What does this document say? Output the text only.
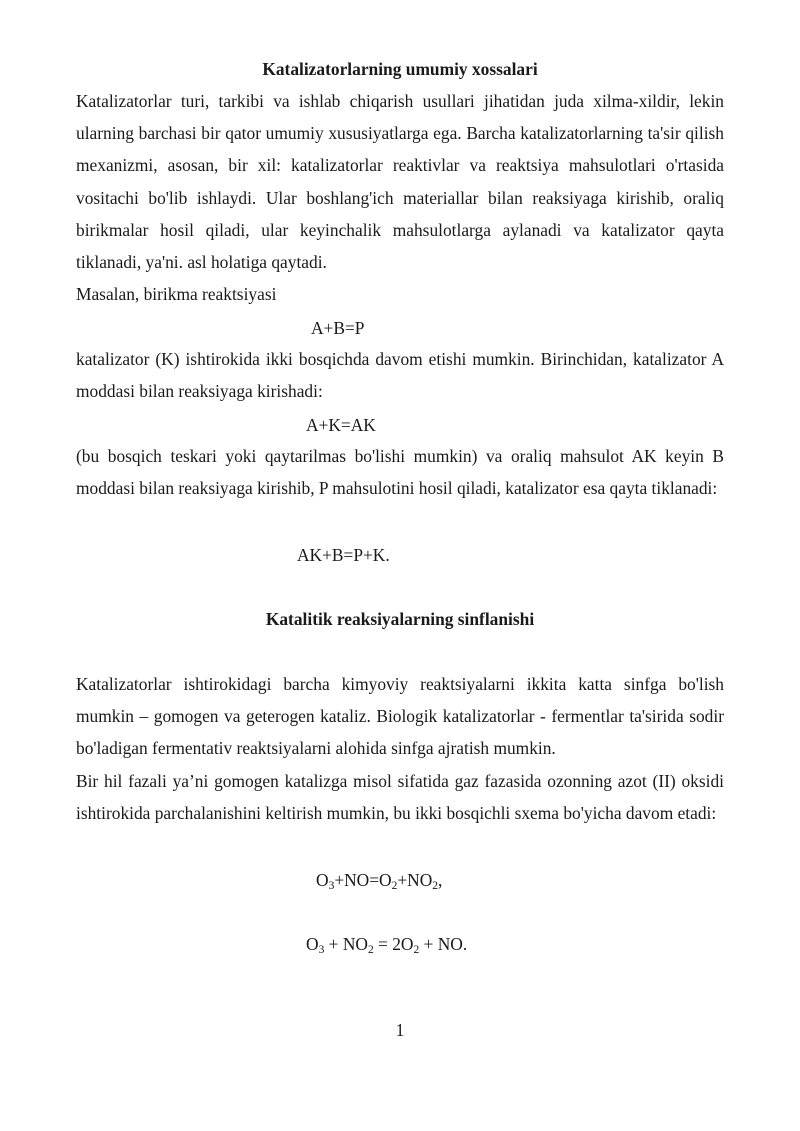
Katalizatorlarning umumiy xossalari

Katalizatorlar turi, tarkibi va ishlab chiqarish usullari jihatidan juda xilma-xildir, lekin ularning barchasi bir qator umumiy xususiyatlarga ega. Barcha katalizatorlarning ta'sir qilish mexanizmi, asosan, bir xil: katalizatorlar reaktivlar va reaktsiya mahsulotlari o'rtasida vositachi bo'lib ishlaydi. Ular boshlang'ich materiallar bilan reaksiyaga kirishib, oraliq birikmalar hosil qiladi, ular keyinchalik mahsulotlarga aylanadi va katalizator qayta tiklanadi, ya'ni. asl holatiga qaytadi.

Masalan, birikma reaktsiyasi

A+B=P

katalizator (K) ishtirokida ikki bosqichda davom etishi mumkin. Birinchidan, katalizator A moddasi bilan reaksiyaga kirishadi:

A+K=AK

(bu bosqich teskari yoki qaytarilmas bo'lishi mumkin) va oraliq mahsulot AK keyin B moddasi bilan reaksiyaga kirishib, P mahsulotini hosil qiladi, katalizator esa qayta tiklanadi:

AK+B=P+K.
Katalitik reaksiyalarning sinflanishi

Katalizatorlar ishtirokidagi barcha kimyoviy reaktsiyalarni ikkita katta sinfga bo'lish mumkin – gomogen va geterogen kataliz. Biologik katalizatorlar - fermentlar ta'sirida sodir bo'ladigan fermentativ reaktsiyalarni alohida sinfga ajratish mumkin.

Bir hil fazali ya’ni gomogen katalizga misol sifatida gaz fazasida ozonning azot (II) oksidi ishtirokida parchalanishini keltirish mumkin, bu ikki bosqichli sxema bo'yicha davom etadi:

$O_3+NO=O_2+NO_2$,
$O_3 + NO_2 = 2O_2$ + NO.
1
